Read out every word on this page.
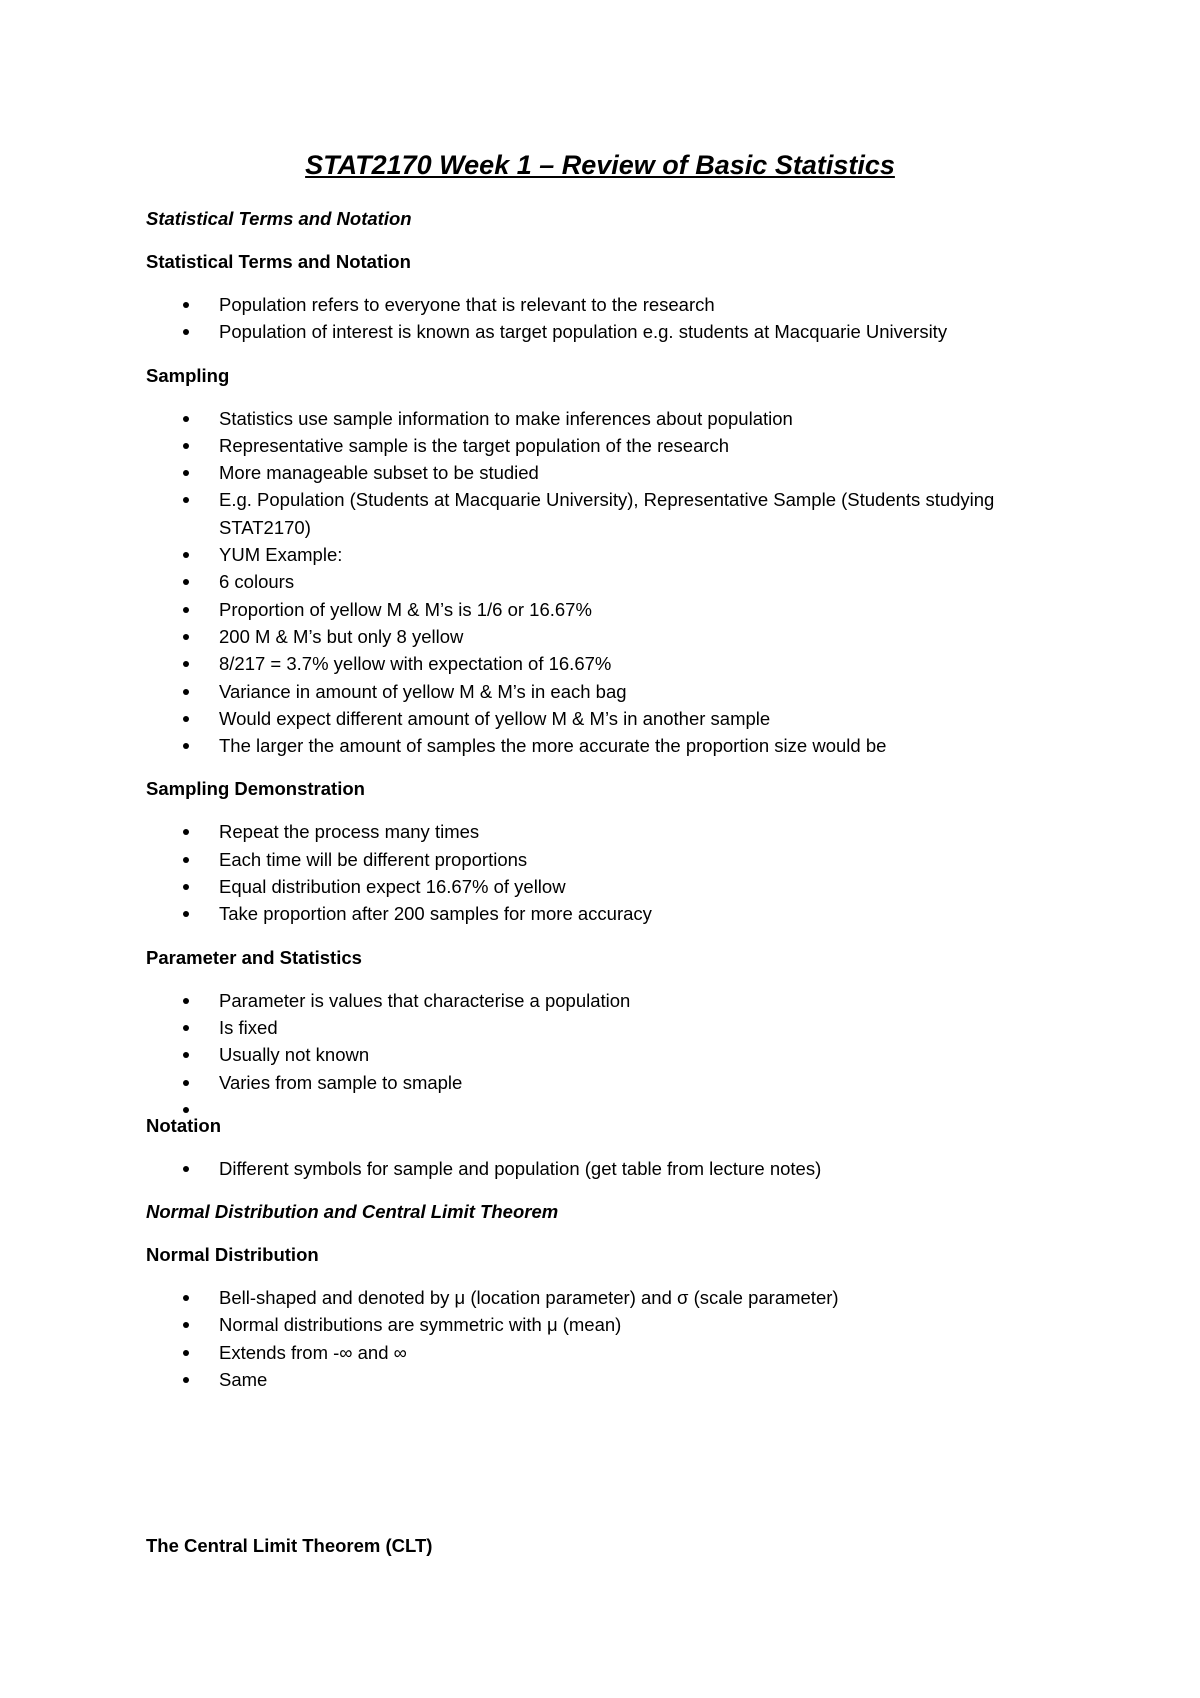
STAT2170 Week 1 – Review of Basic Statistics

Statistical Terms and Notation

Statistical Terms and Notation

Population refers to everyone that is relevant to the research
Population of interest is known as target population e.g. students at Macquarie University

Sampling

Statistics use sample information to make inferences about population
Representative sample is the target population of the research
More manageable subset to be studied
E.g. Population (Students at Macquarie University), Representative Sample (Students studying STAT2170)
YUM Example:
6 colours
Proportion of yellow M & M’s is 1/6 or 16.67%
200 M & M’s but only 8 yellow
8/217 = 3.7% yellow with expectation of 16.67%
Variance in amount of yellow M & M’s in each bag
Would expect different amount of yellow M & M’s in another sample
The larger the amount of samples the more accurate the proportion size would be

Sampling Demonstration

Repeat the process many times
Each time will be different proportions
Equal distribution expect 16.67% of yellow
Take proportion after 200 samples for more accuracy

Parameter and Statistics

Parameter is values that characterise a population
Is fixed
Usually not known
Varies from sample to smaple

Notation

Different symbols for sample and population (get table from lecture notes)

Normal Distribution and Central Limit Theorem

Normal Distribution

Bell-shaped and denoted by μ (location parameter) and σ (scale parameter)
Normal distributions are symmetric with μ (mean)
Extends from -∞ and ∞
Same

The Central Limit Theorem (CLT)
